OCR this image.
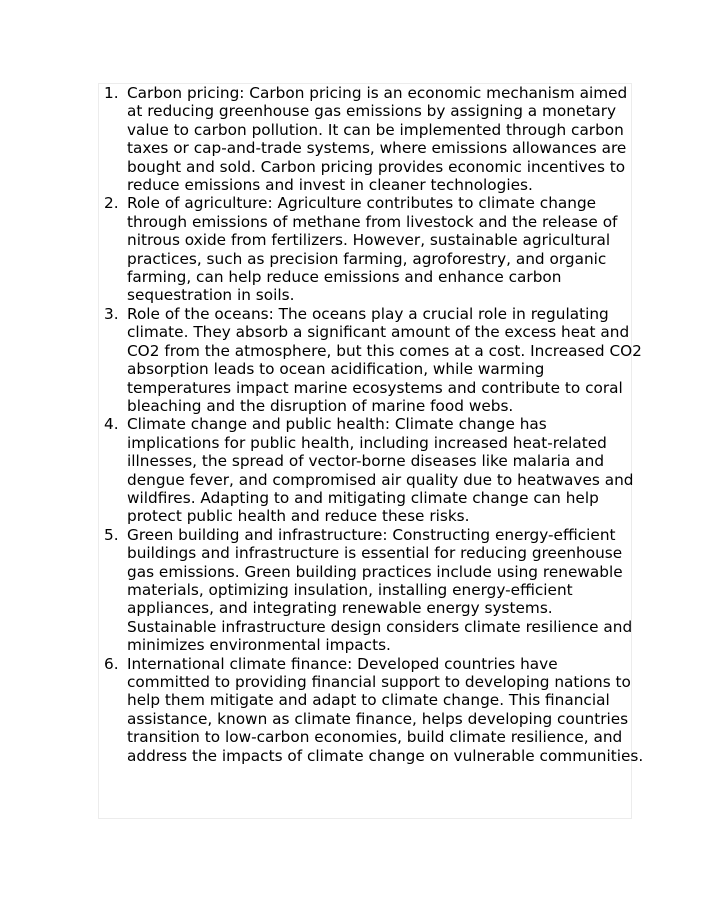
1. Carbon pricing: Carbon pricing is an economic mechanism aimed at reducing greenhouse gas emissions by assigning a monetary value to carbon pollution. It can be implemented through carbon taxes or cap-and-trade systems, where emissions allowances are bought and sold. Carbon pricing provides economic incentives to reduce emissions and invest in cleaner technologies.
2. Role of agriculture: Agriculture contributes to climate change through emissions of methane from livestock and the release of nitrous oxide from fertilizers. However, sustainable agricultural practices, such as precision farming, agroforestry, and organic farming, can help reduce emissions and enhance carbon sequestration in soils.
3. Role of the oceans: The oceans play a crucial role in regulating climate. They absorb a significant amount of the excess heat and CO2 from the atmosphere, but this comes at a cost. Increased CO2 absorption leads to ocean acidification, while warming temperatures impact marine ecosystems and contribute to coral bleaching and the disruption of marine food webs.
4. Climate change and public health: Climate change has implications for public health, including increased heat-related illnesses, the spread of vector-borne diseases like malaria and dengue fever, and compromised air quality due to heatwaves and wildfires. Adapting to and mitigating climate change can help protect public health and reduce these risks.
5. Green building and infrastructure: Constructing energy-efficient buildings and infrastructure is essential for reducing greenhouse gas emissions. Green building practices include using renewable materials, optimizing insulation, installing energy-efficient appliances, and integrating renewable energy systems. Sustainable infrastructure design considers climate resilience and minimizes environmental impacts.
6. International climate finance: Developed countries have committed to providing financial support to developing nations to help them mitigate and adapt to climate change. This financial assistance, known as climate finance, helps developing countries transition to low-carbon economies, build climate resilience, and address the impacts of climate change on vulnerable communities.
